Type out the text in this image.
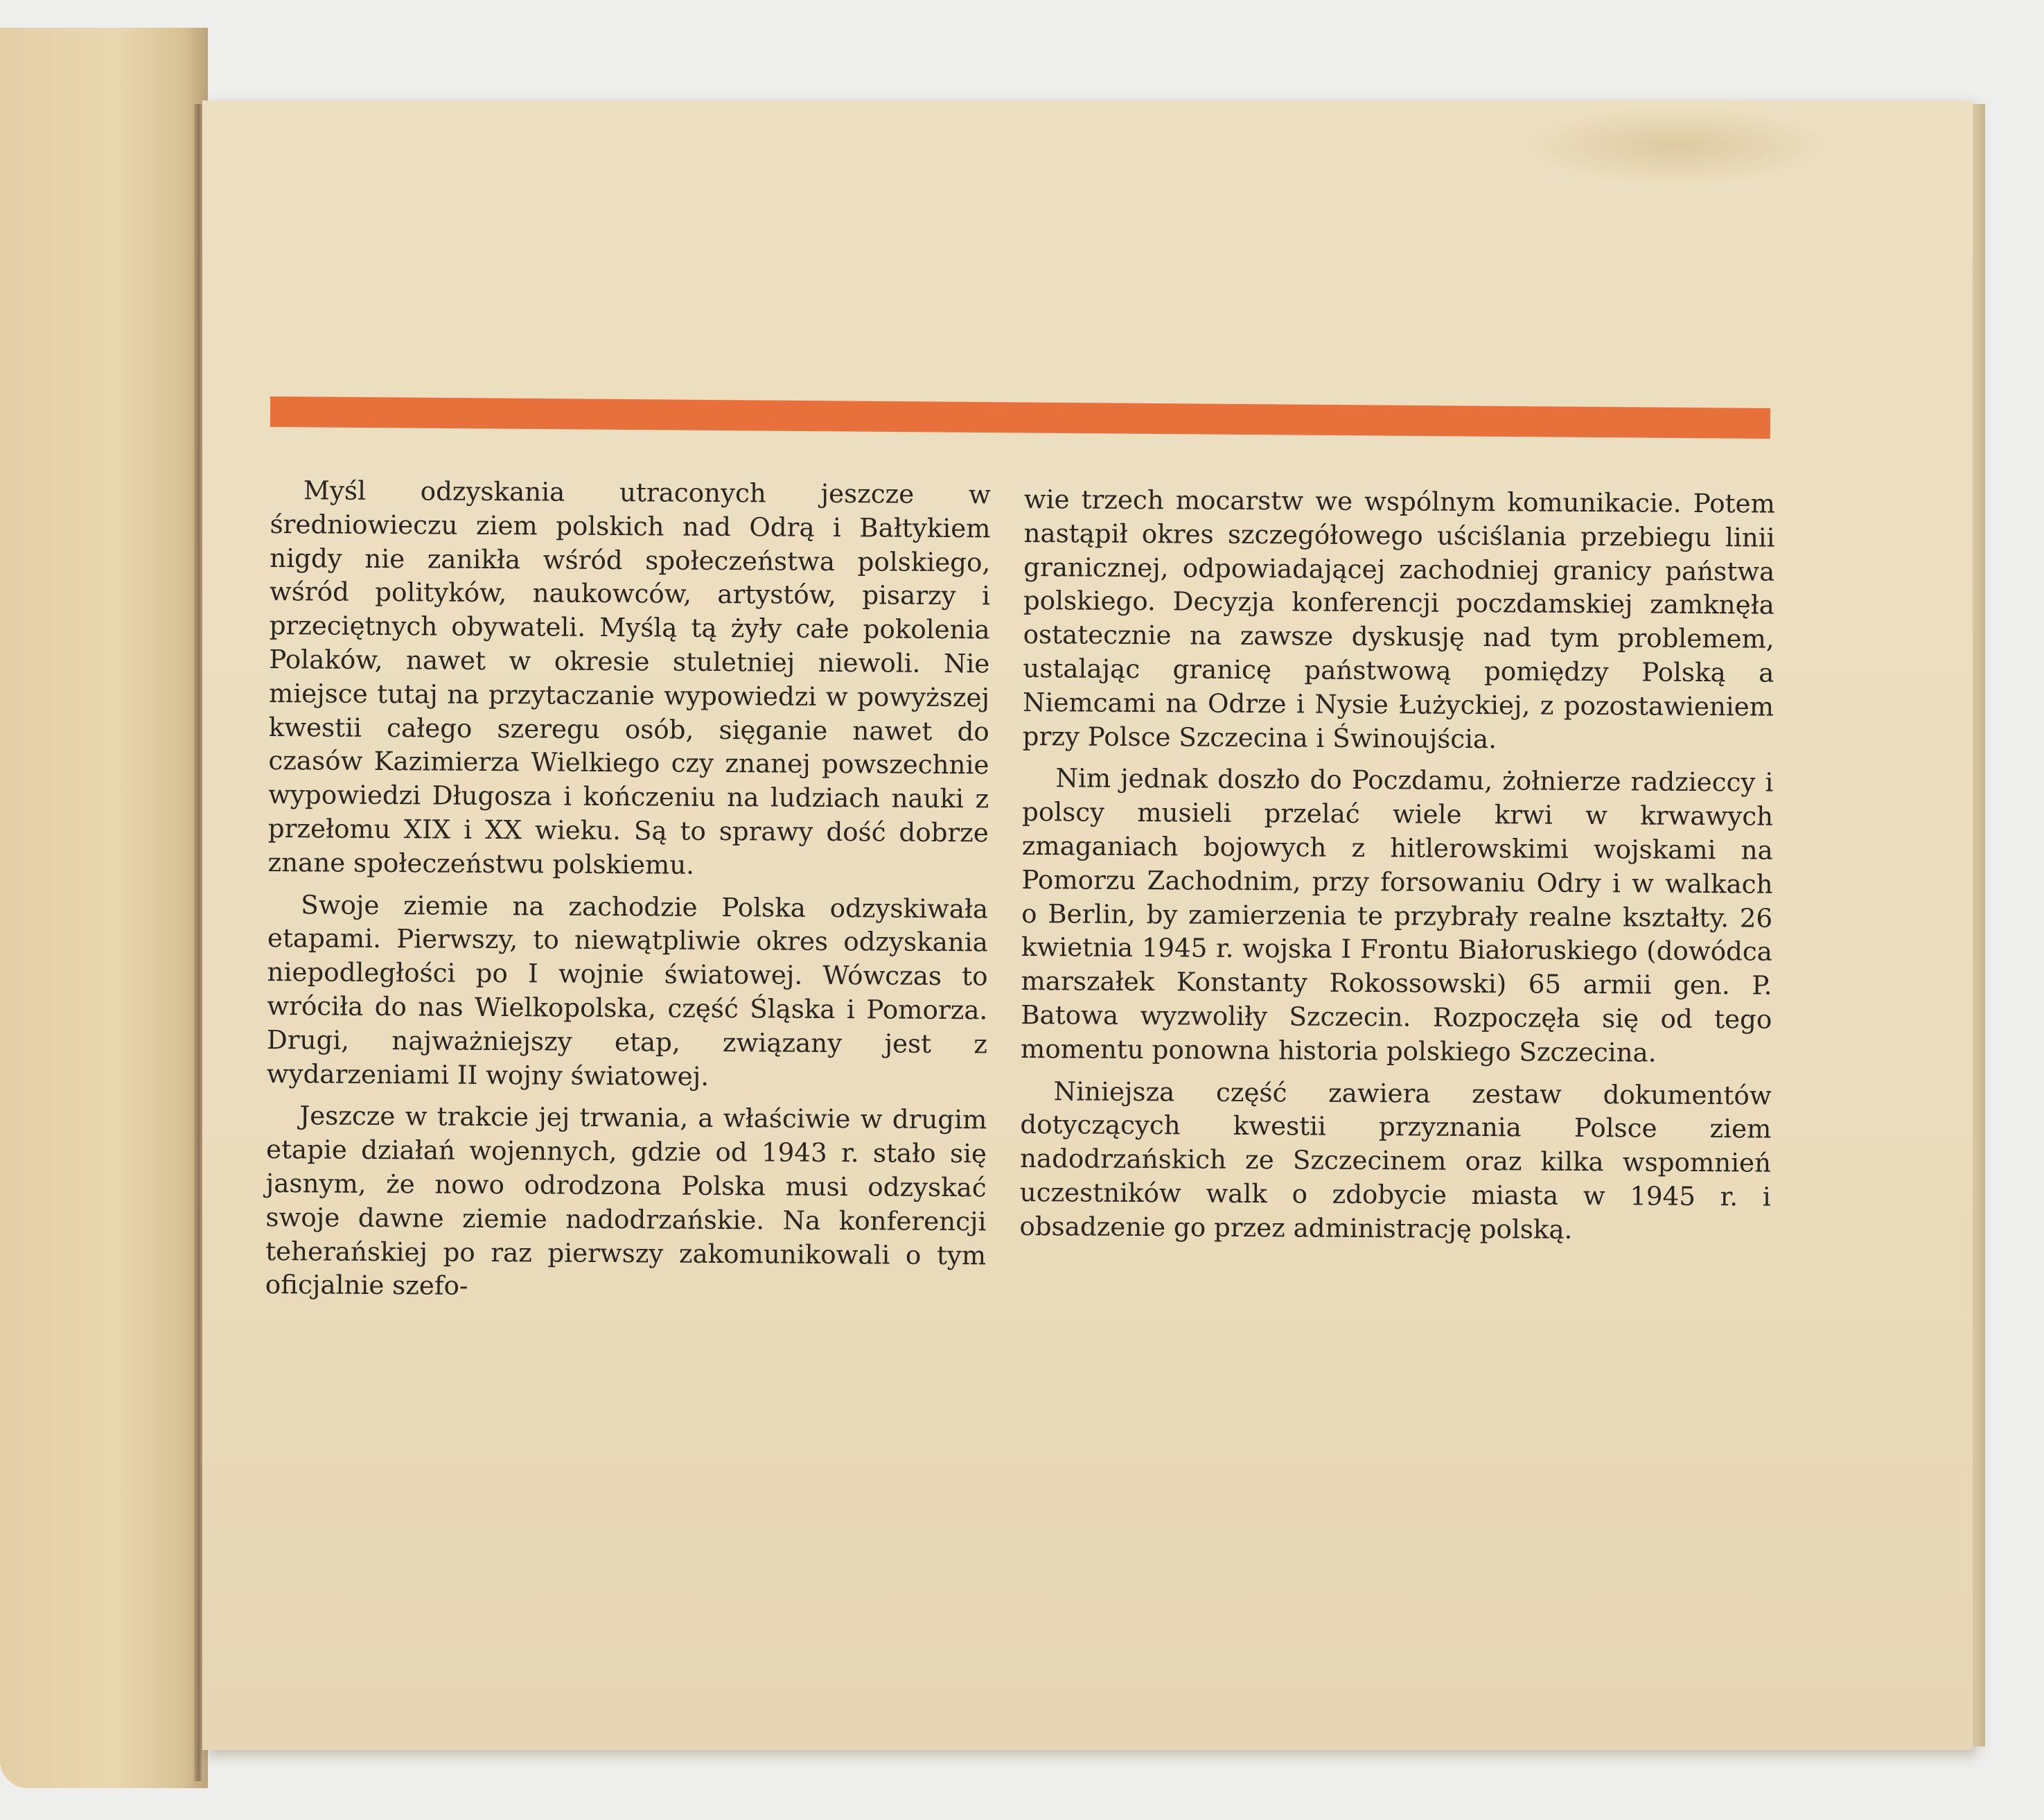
Myśl odzyskania utraconych jeszcze w średniowieczu ziem polskich nad Odrą i Bałtykiem nigdy nie zanikła wśród społeczeństwa polskiego, wśród polityków, naukowców, artystów, pisarzy i przeciętnych obywateli. Myślą tą żyły całe pokolenia Polaków, nawet w okresie stuletniej niewoli. Nie miejsce tutaj na przytaczanie wypowiedzi w powyższej kwestii całego szeregu osób, sięganie nawet do czasów Kazimierza Wielkiego czy znanej powszechnie wypowiedzi Długosza i kończeniu na ludziach nauki z przełomu XIX i XX wieku. Są to sprawy dość dobrze znane społeczeństwu polskiemu.

Swoje ziemie na zachodzie Polska odzyskiwała etapami. Pierwszy, to niewątpliwie okres odzyskania niepodległości po I wojnie światowej. Wówczas to wróciła do nas Wielkopolska, część Śląska i Pomorza. Drugi, najważniejszy etap, związany jest z wydarzeniami II wojny światowej.

Jeszcze w trakcie jej trwania, a właściwie w drugim etapie działań wojennych, gdzie od 1943 r. stało się jasnym, że nowo odrodzona Polska musi odzyskać swoje dawne ziemie nadodrzańskie. Na konferencji teherańskiej po raz pierwszy zakomunikowali o tym oficjalnie szefo-

wie trzech mocarstw we wspólnym komunikacie. Potem nastąpił okres szczegółowego uściślania przebiegu linii granicznej, odpowiadającej zachodniej granicy państwa polskiego. Decyzja konferencji poczdamskiej zamknęła ostatecznie na zawsze dyskusję nad tym problemem, ustalając granicę państwową pomiędzy Polską a Niemcami na Odrze i Nysie Łużyckiej, z pozostawieniem przy Polsce Szczecina i Świnoujścia.

Nim jednak doszło do Poczdamu, żołnierze radzieccy i polscy musieli przelać wiele krwi w krwawych zmaganiach bojowych z hitlerowskimi wojskami na Pomorzu Zachodnim, przy forsowaniu Odry i w walkach o Berlin, by zamierzenia te przybrały realne kształty. 26 kwietnia 1945 r. wojska I Frontu Białoruskiego (dowódca marszałek Konstanty Rokossowski) 65 armii gen. P. Batowa wyzwoliły Szczecin. Rozpoczęła się od tego momentu ponowna historia polskiego Szczecina.

Niniejsza część zawiera zestaw dokumentów dotyczących kwestii przyznania Polsce ziem nadodrzańskich ze Szczecinem oraz kilka wspomnień uczestników walk o zdobycie miasta w 1945 r. i obsadzenie go przez administrację polską.
